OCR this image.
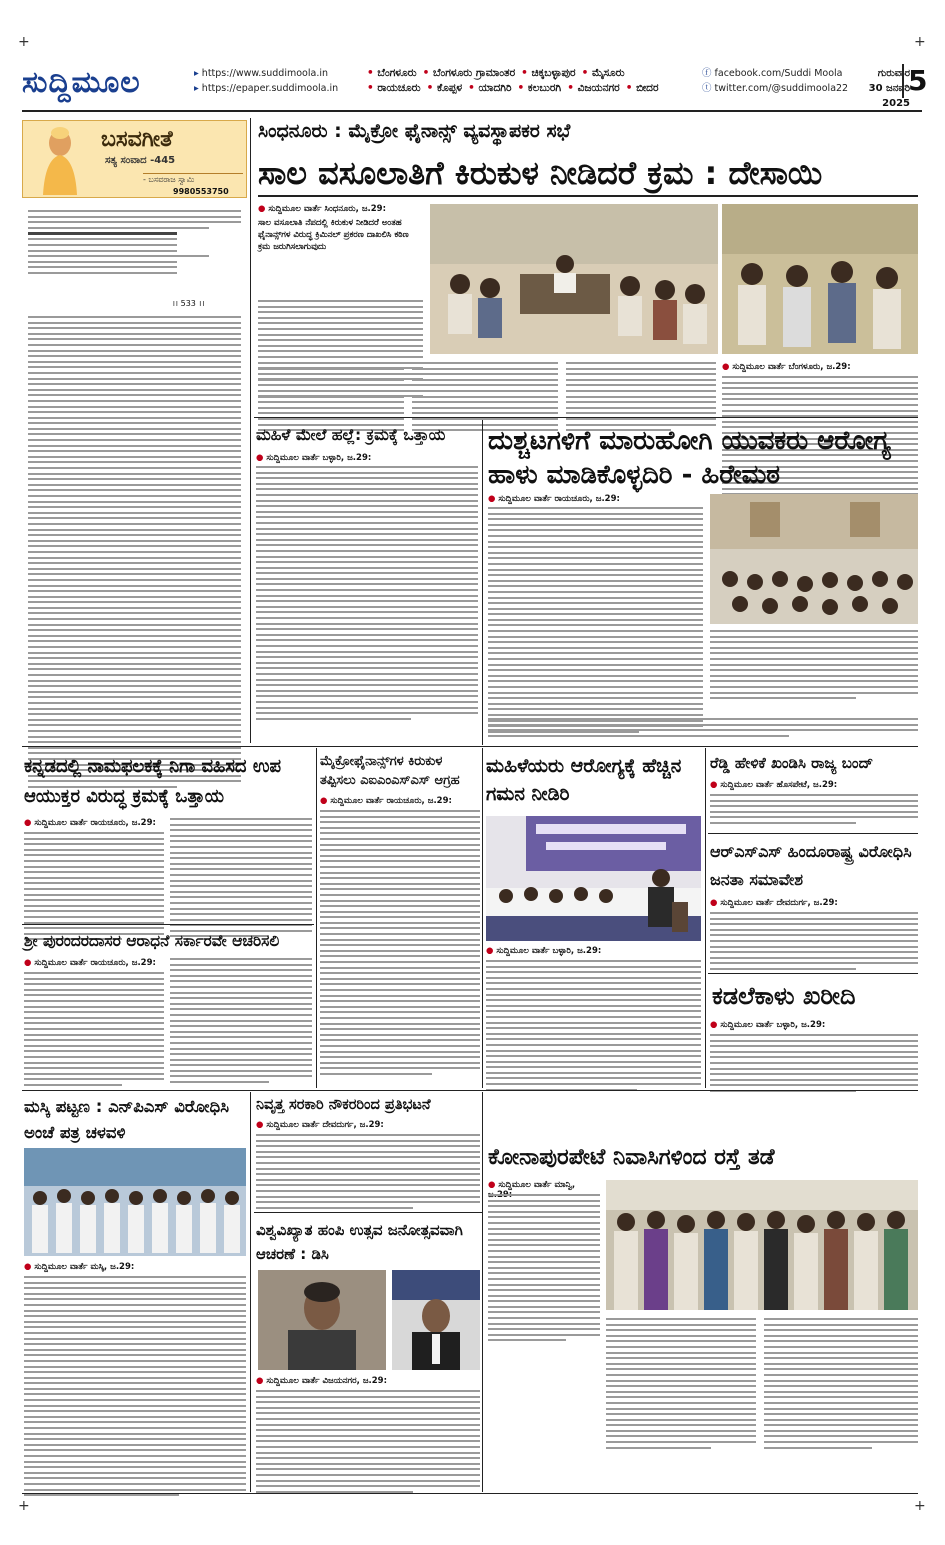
+	+
+	+
ಸುದ್ದಿಮೂಲ	▸ https://www.suddimoola.in
▸ https://epaper.suddimoola.in
• ಬೆಂಗಳೂರು • ಬೆಂಗಳೂರು ಗ್ರಾಮಾಂತರ • ಚಿಕ್ಕಬಳ್ಳಾಪುರ • ಮೈಸೂರು
• ರಾಯಚೂರು • ಕೊಪ್ಪಳ • ಯಾದಗಿರಿ • ಕಲಬುರಗಿ • ವಿಜಯನಗರ • ಬೀದರ
ⓕ facebook.com/Suddi Moola
ⓣ twitter.com/@suddimoola22
ಗುರುವಾರ
30 ಜನವರಿ 2025
5
ಬಸವಗೀತೆ
ಸತ್ಯ ಸಂವಾದ -445
- ಬಸವರಾಜ ಸ್ವಾಮಿ
9980553750
।। 533 ।।
ಸಿಂಧನೂರು : ಮೈಕ್ರೋ ಫೈನಾನ್ಸ್ ವ್ಯವಸ್ಥಾಪಕರ ಸಭೆ
ಸಾಲ ವಸೂಲಾತಿಗೆ ಕಿರುಕುಳ ನೀಡಿದರೆ ಕ್ರಮ : ದೇಸಾಯಿ
● ಸುದ್ದಿಮೂಲ ವಾರ್ತೆ ಸಿಂಧನೂರು, ಜ.29:
ಸಾಲ ವಸೂಲಾತಿ ನೆಪದಲ್ಲಿ ಕಿರುಕುಳ ನೀಡಿದರೆ ಅಂತಹ ಫೈನಾನ್ಸ್‌ಗಳ ವಿರುದ್ಧ ಕ್ರಿಮಿನಲ್ ಪ್ರಕರಣ ದಾಖಲಿಸಿ ಕಠಿಣ ಕ್ರಮ ಜರುಗಿಸಲಾಗುವುದು
● ಸುದ್ದಿಮೂಲ ವಾರ್ತೆ ಬೆಂಗಳೂರು, ಜ.29:
ಮಹಿಳೆ ಮೇಲೆ ಹಲ್ಲೆ: ಕ್ರಮಕ್ಕೆ ಒತ್ತಾಯ
● ಸುದ್ದಿಮೂಲ ವಾರ್ತೆ ಬಳ್ಳಾರಿ, ಜ.29:
ದುಶ್ಚಟಗಳಿಗೆ ಮಾರುಹೋಗಿ ಯುವಕರು ಆರೋಗ್ಯ ಹಾಳು ಮಾಡಿಕೊಳ್ಳದಿರಿ - ಹಿರೇಮಠ
● ಸುದ್ದಿಮೂಲ ವಾರ್ತೆ ರಾಯಚೂರು, ಜ.29:
ಕನ್ನಡದಲ್ಲಿ ನಾಮಫಲಕಕ್ಕೆ ನಿಗಾ ವಹಿಸದ ಉಪ ಆಯುಕ್ತರ ವಿರುದ್ಧ ಕ್ರಮಕ್ಕೆ ಒತ್ತಾಯ
● ಸುದ್ದಿಮೂಲ ವಾರ್ತೆ ರಾಯಚೂರು, ಜ.29:
ಶ್ರೀ ಪುರಂದರದಾಸರ ಆರಾಧನೆ ಸರ್ಕಾರವೇ ಆಚರಿಸಲಿ
● ಸುದ್ದಿಮೂಲ ವಾರ್ತೆ ರಾಯಚೂರು, ಜ.29:
ಮೈಕ್ರೋಫೈನಾನ್ಸ್‌ಗಳ ಕಿರುಕುಳ ತಪ್ಪಿಸಲು ಎಐಎಂಎಸ್‌ಎಸ್ ಆಗ್ರಹ
● ಸುದ್ದಿಮೂಲ ವಾರ್ತೆ ರಾಯಚೂರು, ಜ.29:
ಮಹಿಳೆಯರು ಆರೋಗ್ಯಕ್ಕೆ ಹೆಚ್ಚಿನ ಗಮನ ನೀಡಿರಿ
● ಸುದ್ದಿಮೂಲ ವಾರ್ತೆ ಬಳ್ಳಾರಿ, ಜ.29:
ರೆಡ್ಡಿ ಹೇಳಿಕೆ ಖಂಡಿಸಿ ರಾಜ್ಯ ಬಂದ್
● ಸುದ್ದಿಮೂಲ ವಾರ್ತೆ ಹೊಸಪೇಟೆ, ಜ.29:
ಆರ್‌ಎಸ್‌ಎಸ್ ಹಿಂದೂರಾಷ್ಟ್ರ ವಿರೋಧಿಸಿ ಜನತಾ ಸಮಾವೇಶ
● ಸುದ್ದಿಮೂಲ ವಾರ್ತೆ ದೇವದುರ್ಗ, ಜ.29:
ಕಡಲೆಕಾಳು ಖರೀದಿ
● ಸುದ್ದಿಮೂಲ ವಾರ್ತೆ ಬಳ್ಳಾರಿ, ಜ.29:
ಮಸ್ಕಿ ಪಟ್ಟಣ : ಎನ್‌ಪಿಎಸ್ ವಿರೋಧಿಸಿ ಅಂಚೆ ಪತ್ರ ಚಳವಳಿ
● ಸುದ್ದಿಮೂಲ ವಾರ್ತೆ ಮಸ್ಕಿ, ಜ.29:
ನಿವೃತ್ತ ಸರಕಾರಿ ನೌಕರರಿಂದ ಪ್ರತಿಭಟನೆ
● ಸುದ್ದಿಮೂಲ ವಾರ್ತೆ ದೇವದುರ್ಗ, ಜ.29:
ವಿಶ್ವವಿಖ್ಯಾತ ಹಂಪಿ ಉತ್ಸವ ಜನೋತ್ಸವವಾಗಿ ಆಚರಣೆ : ಡಿಸಿ
● ಸುದ್ದಿಮೂಲ ವಾರ್ತೆ ವಿಜಯನಗರ, ಜ.29:
ಕೋನಾಪುರಪೇಟೆ ನಿವಾಸಿಗಳಿಂದ ರಸ್ತೆ ತಡೆ
● ಸುದ್ದಿಮೂಲ ವಾರ್ತೆ ಮಾನ್ವಿ,
